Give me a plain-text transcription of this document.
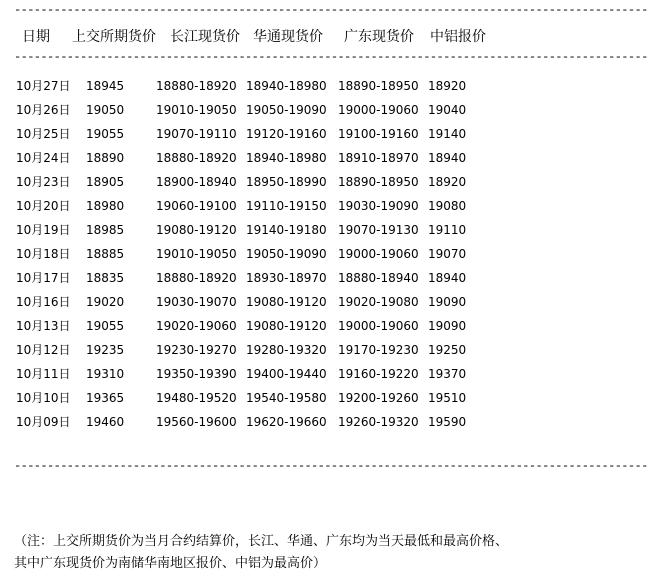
------------------------------------------------------------------------------------------------
日期 上交所期货价 长江现货价 华通现货价 广东现货价 中铝报价
------------------------------------------------------------------------------------------------
10月27日 18945	18880-18920 18940-18980 18890-18950 18920
10月26日 19050	19010-19050 19050-19090 19000-19060 19040
10月25日 19055	19070-19110 19120-19160 19100-19160 19140
10月24日 18890	18880-18920 18940-18980 18910-18970 18940
10月23日 18905	18900-18940 18950-18990 18890-18950 18920
10月20日 18980	19060-19100 19110-19150 19030-19090 19080
10月19日 18985	19080-19120 19140-19180 19070-19130 19110
10月18日 18885	19010-19050 19050-19090 19000-19060 19070
10月17日 18835	18880-18920 18930-18970 18880-18940 18940
10月16日 19020	19030-19070 19080-19120 19020-19080 19090
10月13日 19055	19020-19060 19080-19120 19000-19060 19090
10月12日 19235	19230-19270 19280-19320 19170-19230 19250
10月11日 19310	19350-19390 19400-19440 19160-19220 19370
10月10日 19365	19480-19520 19540-19580 19200-19260 19510
10月09日 19460	19560-19600 19620-19660 19260-19320 19590
------------------------------------------------------------------------------------------------
（注：上交所期货价为当月合约结算价，长江、华通、广东均为当天最低和最高价格、
其中广东现货价为南储华南地区报价、中铝为最高价）
